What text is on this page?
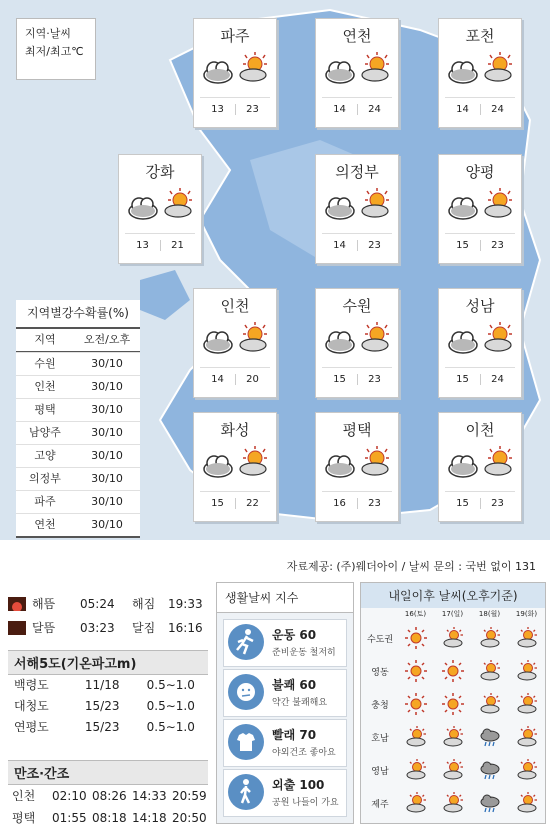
지역·날씨
최저/최고℃
파주
13	23
연천
14	24
포천
14	24
강화
13	21
의정부
14	23
양평
15	23
인천
14	20
수원
15	23
성남
15	24
화성
15	22
평택
16	23
이천
15	23
지역별강수확률(%)
지역	오전/오후
수원	30/10
인천	30/10
평택	30/10
남양주	30/10
고양	30/10
의정부	30/10
파주	30/10
연천	30/10
자료제공: (주)웨더아이 / 날씨 문의 : 국번 없이 131
해뜸	05:24	해짐	19:33
달뜸	03:23	달짐	16:16
서해5도(기온파고m)
백령도	11/18	0.5∼1.0
대청도	15/23	0.5∼1.0
연평도	15/23	0.5∼1.0
만조·간조
인천	02:10 08:26 14:33 20:59
평택	01:55 08:18 14:18 20:50
생활날씨 지수
운동 60
준비운동 철저히
불쾌 60
약간 불쾌해요
빨래 70
야외건조 좋아요
외출 100
공원 나들이 가요
내일이후 날씨(오후기준)
16(토)	17(일)	18(월)	19(화)
수도권
영동
충청
호남
영남
제주
